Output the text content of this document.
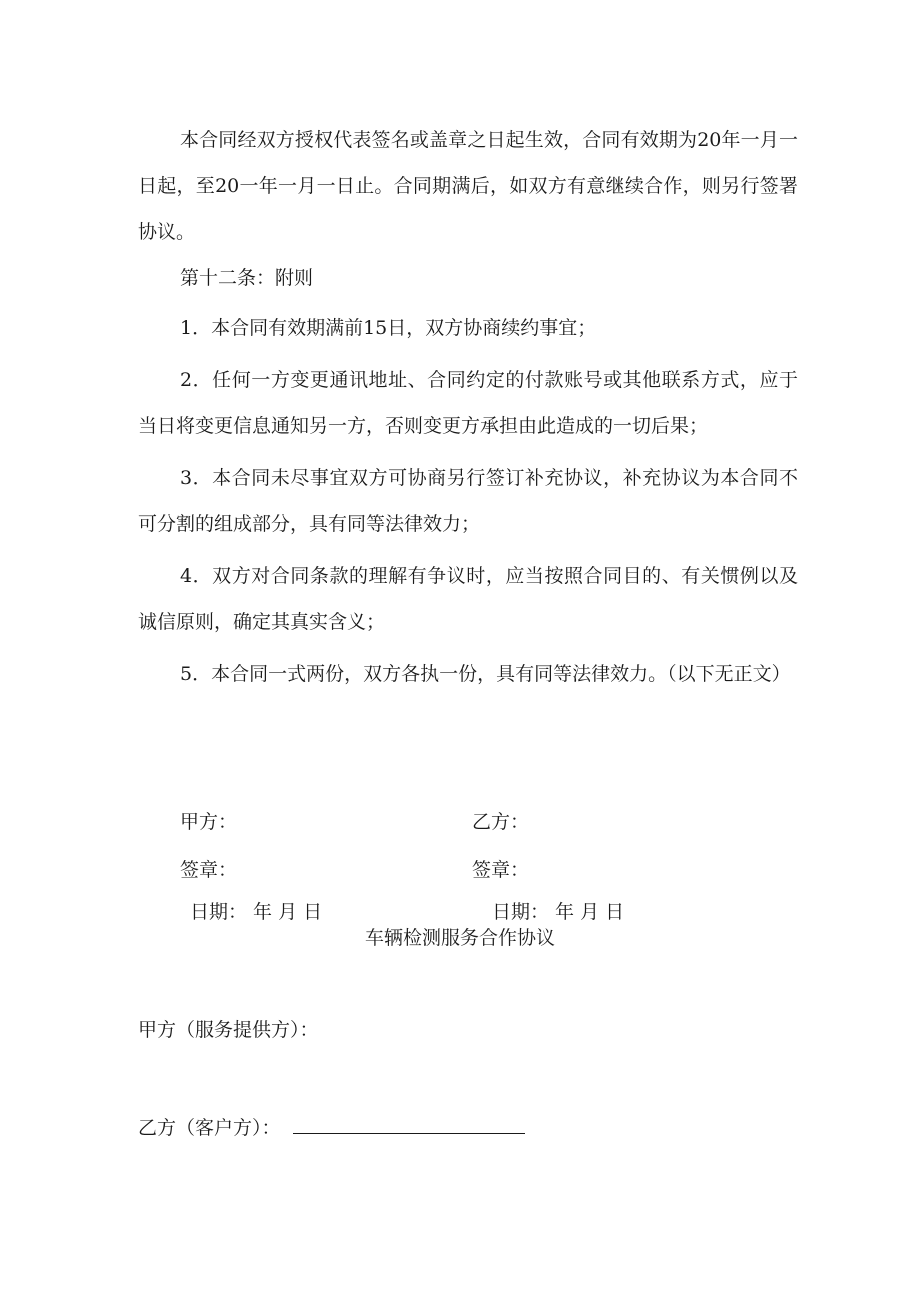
本合同经双方授权代表签名或盖章之日起生效，合同有效期为20年一月一日起，至20一年一月一日止。合同期满后，如双方有意继续合作，则另行签署协议。

第十二条：附则

1．本合同有效期满前15日，双方协商续约事宜；

2．任何一方变更通讯地址、合同约定的付款账号或其他联系方式，应于当日将变更信息通知另一方，否则变更方承担由此造成的一切后果；

3．本合同未尽事宜双方可协商另行签订补充协议，补充协议为本合同不可分割的组成部分，具有同等法律效力；

4．双方对合同条款的理解有争议时，应当按照合同目的、有关惯例以及诚信原则，确定其真实含义；

5．本合同一式两份，双方各执一份，具有同等法律效力。（以下无正文）

甲方：	乙方：
签章：	签章：
日期： 年 月 日	日期： 年 月 日

车辆检测服务合作协议

甲方（服务提供方）：
乙方（客户方）：
